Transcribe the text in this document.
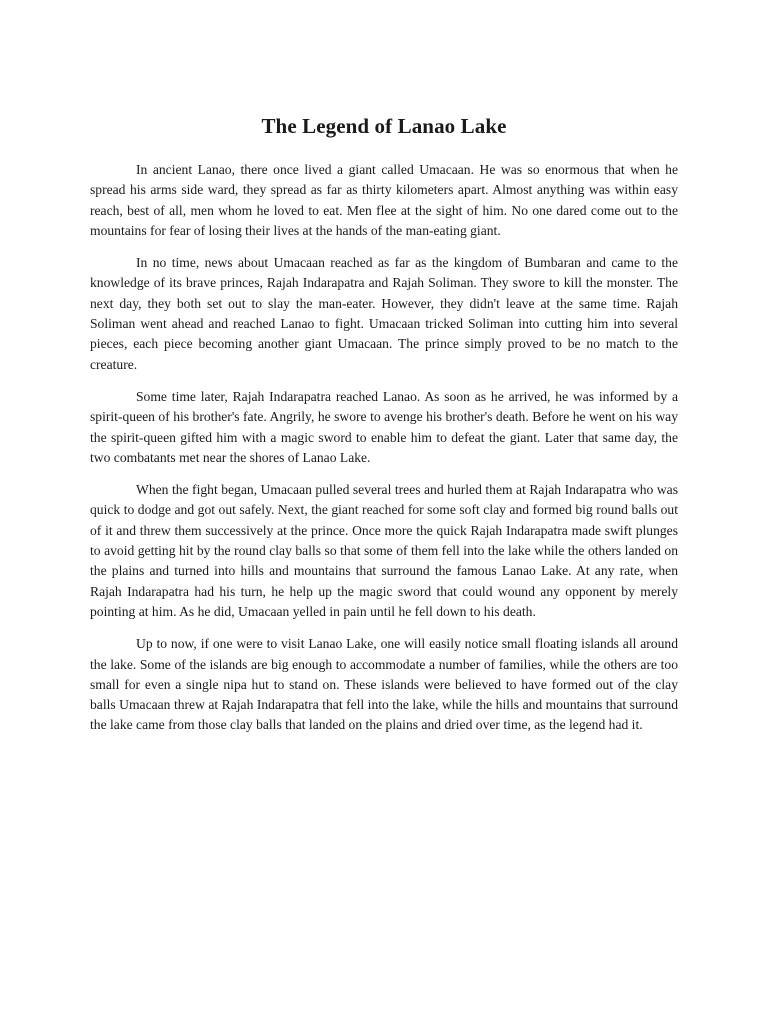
The Legend of Lanao Lake

In ancient Lanao, there once lived a giant called Umacaan. He was so enormous that when he spread his arms side ward, they spread as far as thirty kilometers apart. Almost anything was within easy reach, best of all, men whom he loved to eat. Men flee at the sight of him. No one dared come out to the mountains for fear of losing their lives at the hands of the man-eating giant.

In no time, news about Umacaan reached as far as the kingdom of Bumbaran and came to the knowledge of its brave princes, Rajah Indarapatra and Rajah Soliman. They swore to kill the monster. The next day, they both set out to slay the man-eater. However, they didn't leave at the same time. Rajah Soliman went ahead and reached Lanao to fight. Umacaan tricked Soliman into cutting him into several pieces, each piece becoming another giant Umacaan. The prince simply proved to be no match to the creature.

Some time later, Rajah Indarapatra reached Lanao. As soon as he arrived, he was informed by a spirit-queen of his brother's fate. Angrily, he swore to avenge his brother's death. Before he went on his way the spirit-queen gifted him with a magic sword to enable him to defeat the giant. Later that same day, the two combatants met near the shores of Lanao Lake.

When the fight began, Umacaan pulled several trees and hurled them at Rajah Indarapatra who was quick to dodge and got out safely. Next, the giant reached for some soft clay and formed big round balls out of it and threw them successively at the prince. Once more the quick Rajah Indarapatra made swift plunges to avoid getting hit by the round clay balls so that some of them fell into the lake while the others landed on the plains and turned into hills and mountains that surround the famous Lanao Lake. At any rate, when Rajah Indarapatra had his turn, he help up the magic sword that could wound any opponent by merely pointing at him. As he did, Umacaan yelled in pain until he fell down to his death.

Up to now, if one were to visit Lanao Lake, one will easily notice small floating islands all around the lake. Some of the islands are big enough to accommodate a number of families, while the others are too small for even a single nipa hut to stand on. These islands were believed to have formed out of the clay balls Umacaan threw at Rajah Indarapatra that fell into the lake, while the hills and mountains that surround the lake came from those clay balls that landed on the plains and dried over time, as the legend had it.
